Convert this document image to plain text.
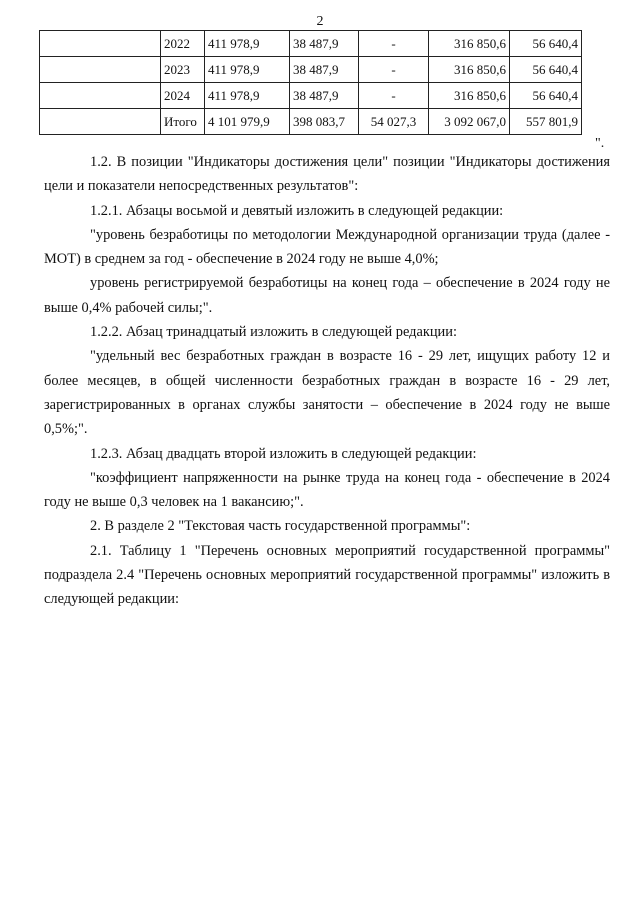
2
	2022	411 978,9	38 487,9	-	316 850,6	56 640,4
	2023	411 978,9	38 487,9	-	316 850,6	56 640,4
	2024	411 978,9	38 487,9	-	316 850,6	56 640,4
	Итого	4 101 979,9	398 083,7	54 027,3	3 092 067,0	557 801,9
".

1.2. В позиции "Индикаторы достижения цели" позиции "Индикаторы достижения цели и показатели непосредственных результатов":

1.2.1. Абзацы восьмой и девятый изложить в следующей редакции:

"уровень безработицы по методологии Международной организации труда (далее - МОТ) в среднем за год - обеспечение в 2024 году не выше 4,0%;

уровень регистрируемой безработицы на конец года – обеспечение в 2024 году не выше 0,4% рабочей силы;".

1.2.2. Абзац тринадцатый изложить в следующей редакции:

"удельный вес безработных граждан в возрасте 16 - 29 лет, ищущих работу 12 и более месяцев, в общей численности безработных граждан в возрасте 16 - 29 лет, зарегистрированных в органах службы занятости – обеспечение в 2024 году не выше 0,5%;".

1.2.3. Абзац двадцать второй изложить в следующей редакции:

"коэффициент напряженности на рынке труда на конец года - обеспечение в 2024 году не выше 0,3 человек на 1 вакансию;".

2. В разделе 2 "Текстовая часть государственной программы":

2.1. Таблицу 1 "Перечень основных мероприятий государственной программы" подраздела 2.4 "Перечень основных мероприятий государственной программы" изложить в следующей редакции:
